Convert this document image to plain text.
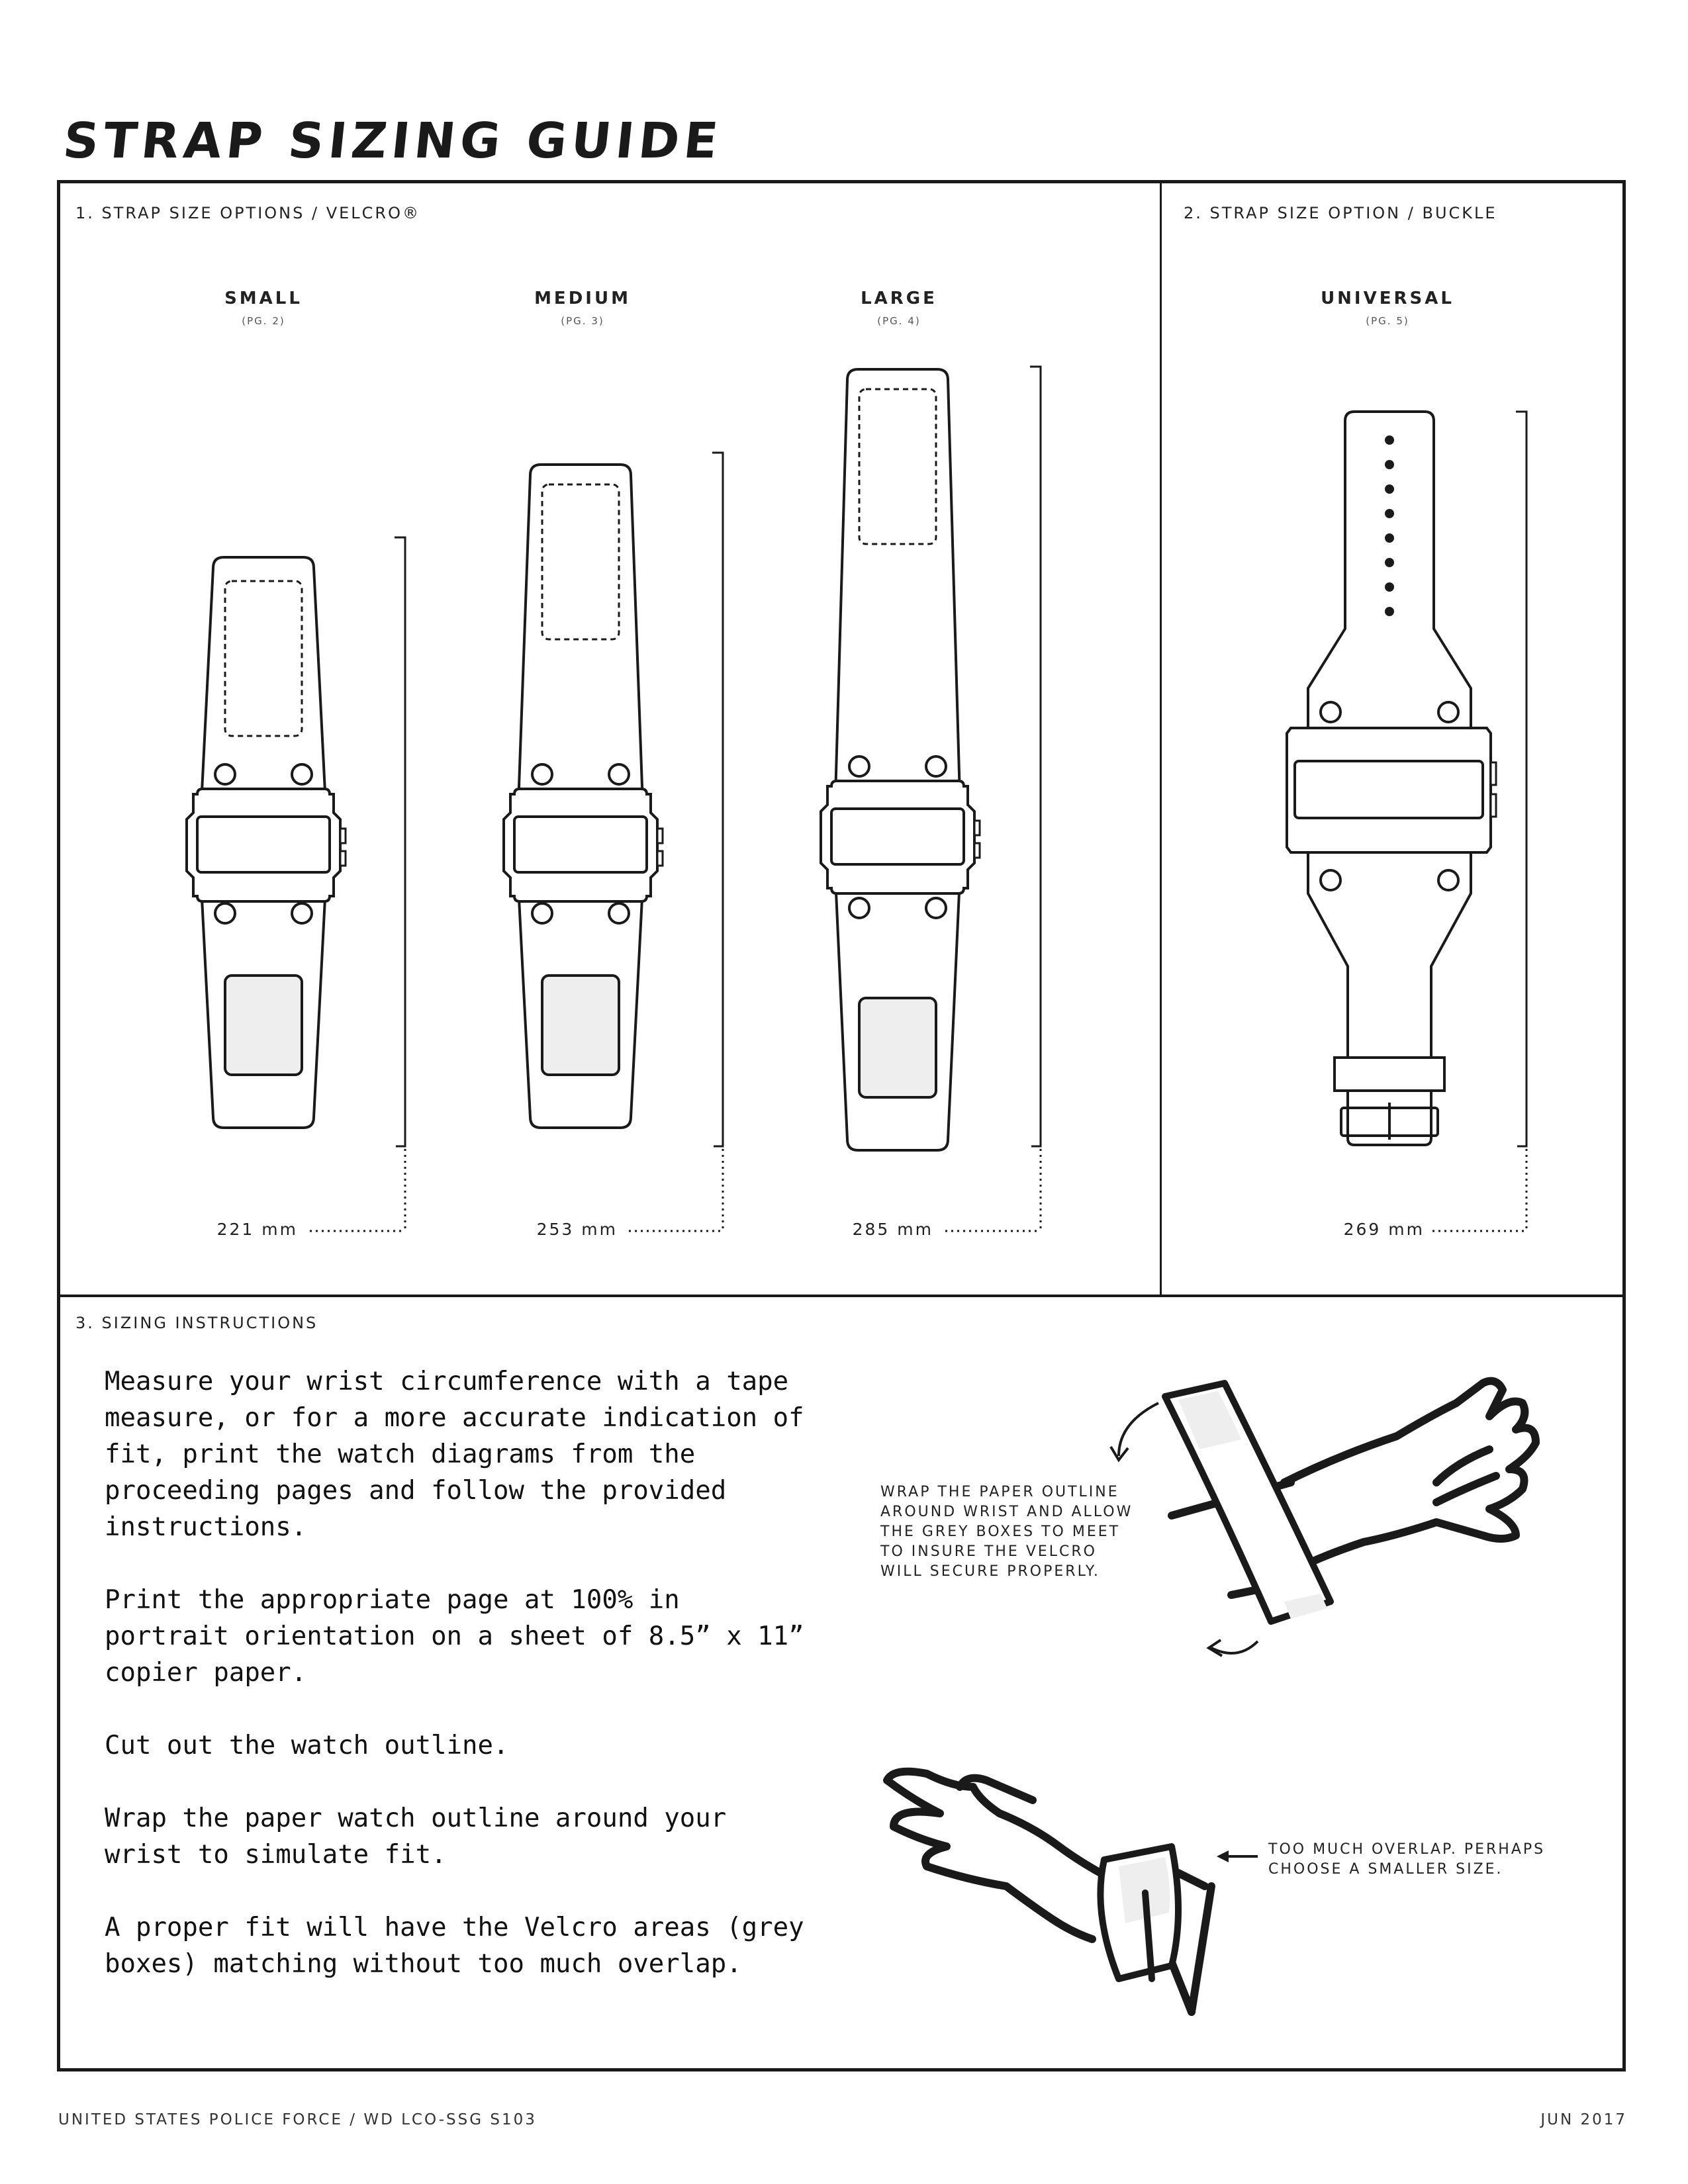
STRAP SIZING GUIDE
1. STRAP SIZE OPTIONS / VELCRO®	2. STRAP SIZE OPTION / BUCKLE
3. SIZING INSTRUCTIONS
SMALL
(PG. 2)
MEDIUM
(PG. 3)
LARGE
(PG. 4)
UNIVERSAL
(PG. 5)
221 mm	253 mm	285 mm	269 mm

Measure your wrist circumference with a tape measure, or for a more accurate indication of fit, print the watch diagrams from the proceeding pages and follow the provided instructions.

Print the appropriate page at 100% in portrait orientation on a sheet of 8.5” x 11” copier paper.

Cut out the watch outline.

Wrap the paper watch outline around your wrist to simulate fit.

A proper fit will have the Velcro areas (grey boxes) matching without too much overlap.

WRAP THE PAPER OUTLINE
AROUND WRIST AND ALLOW
THE GREY BOXES TO MEET
TO INSURE THE VELCRO
WILL SECURE PROPERLY.
TOO MUCH OVERLAP. PERHAPS
CHOOSE A SMALLER SIZE.
UNITED STATES POLICE FORCE / WD LCO-SSG S103	JUN 2017
